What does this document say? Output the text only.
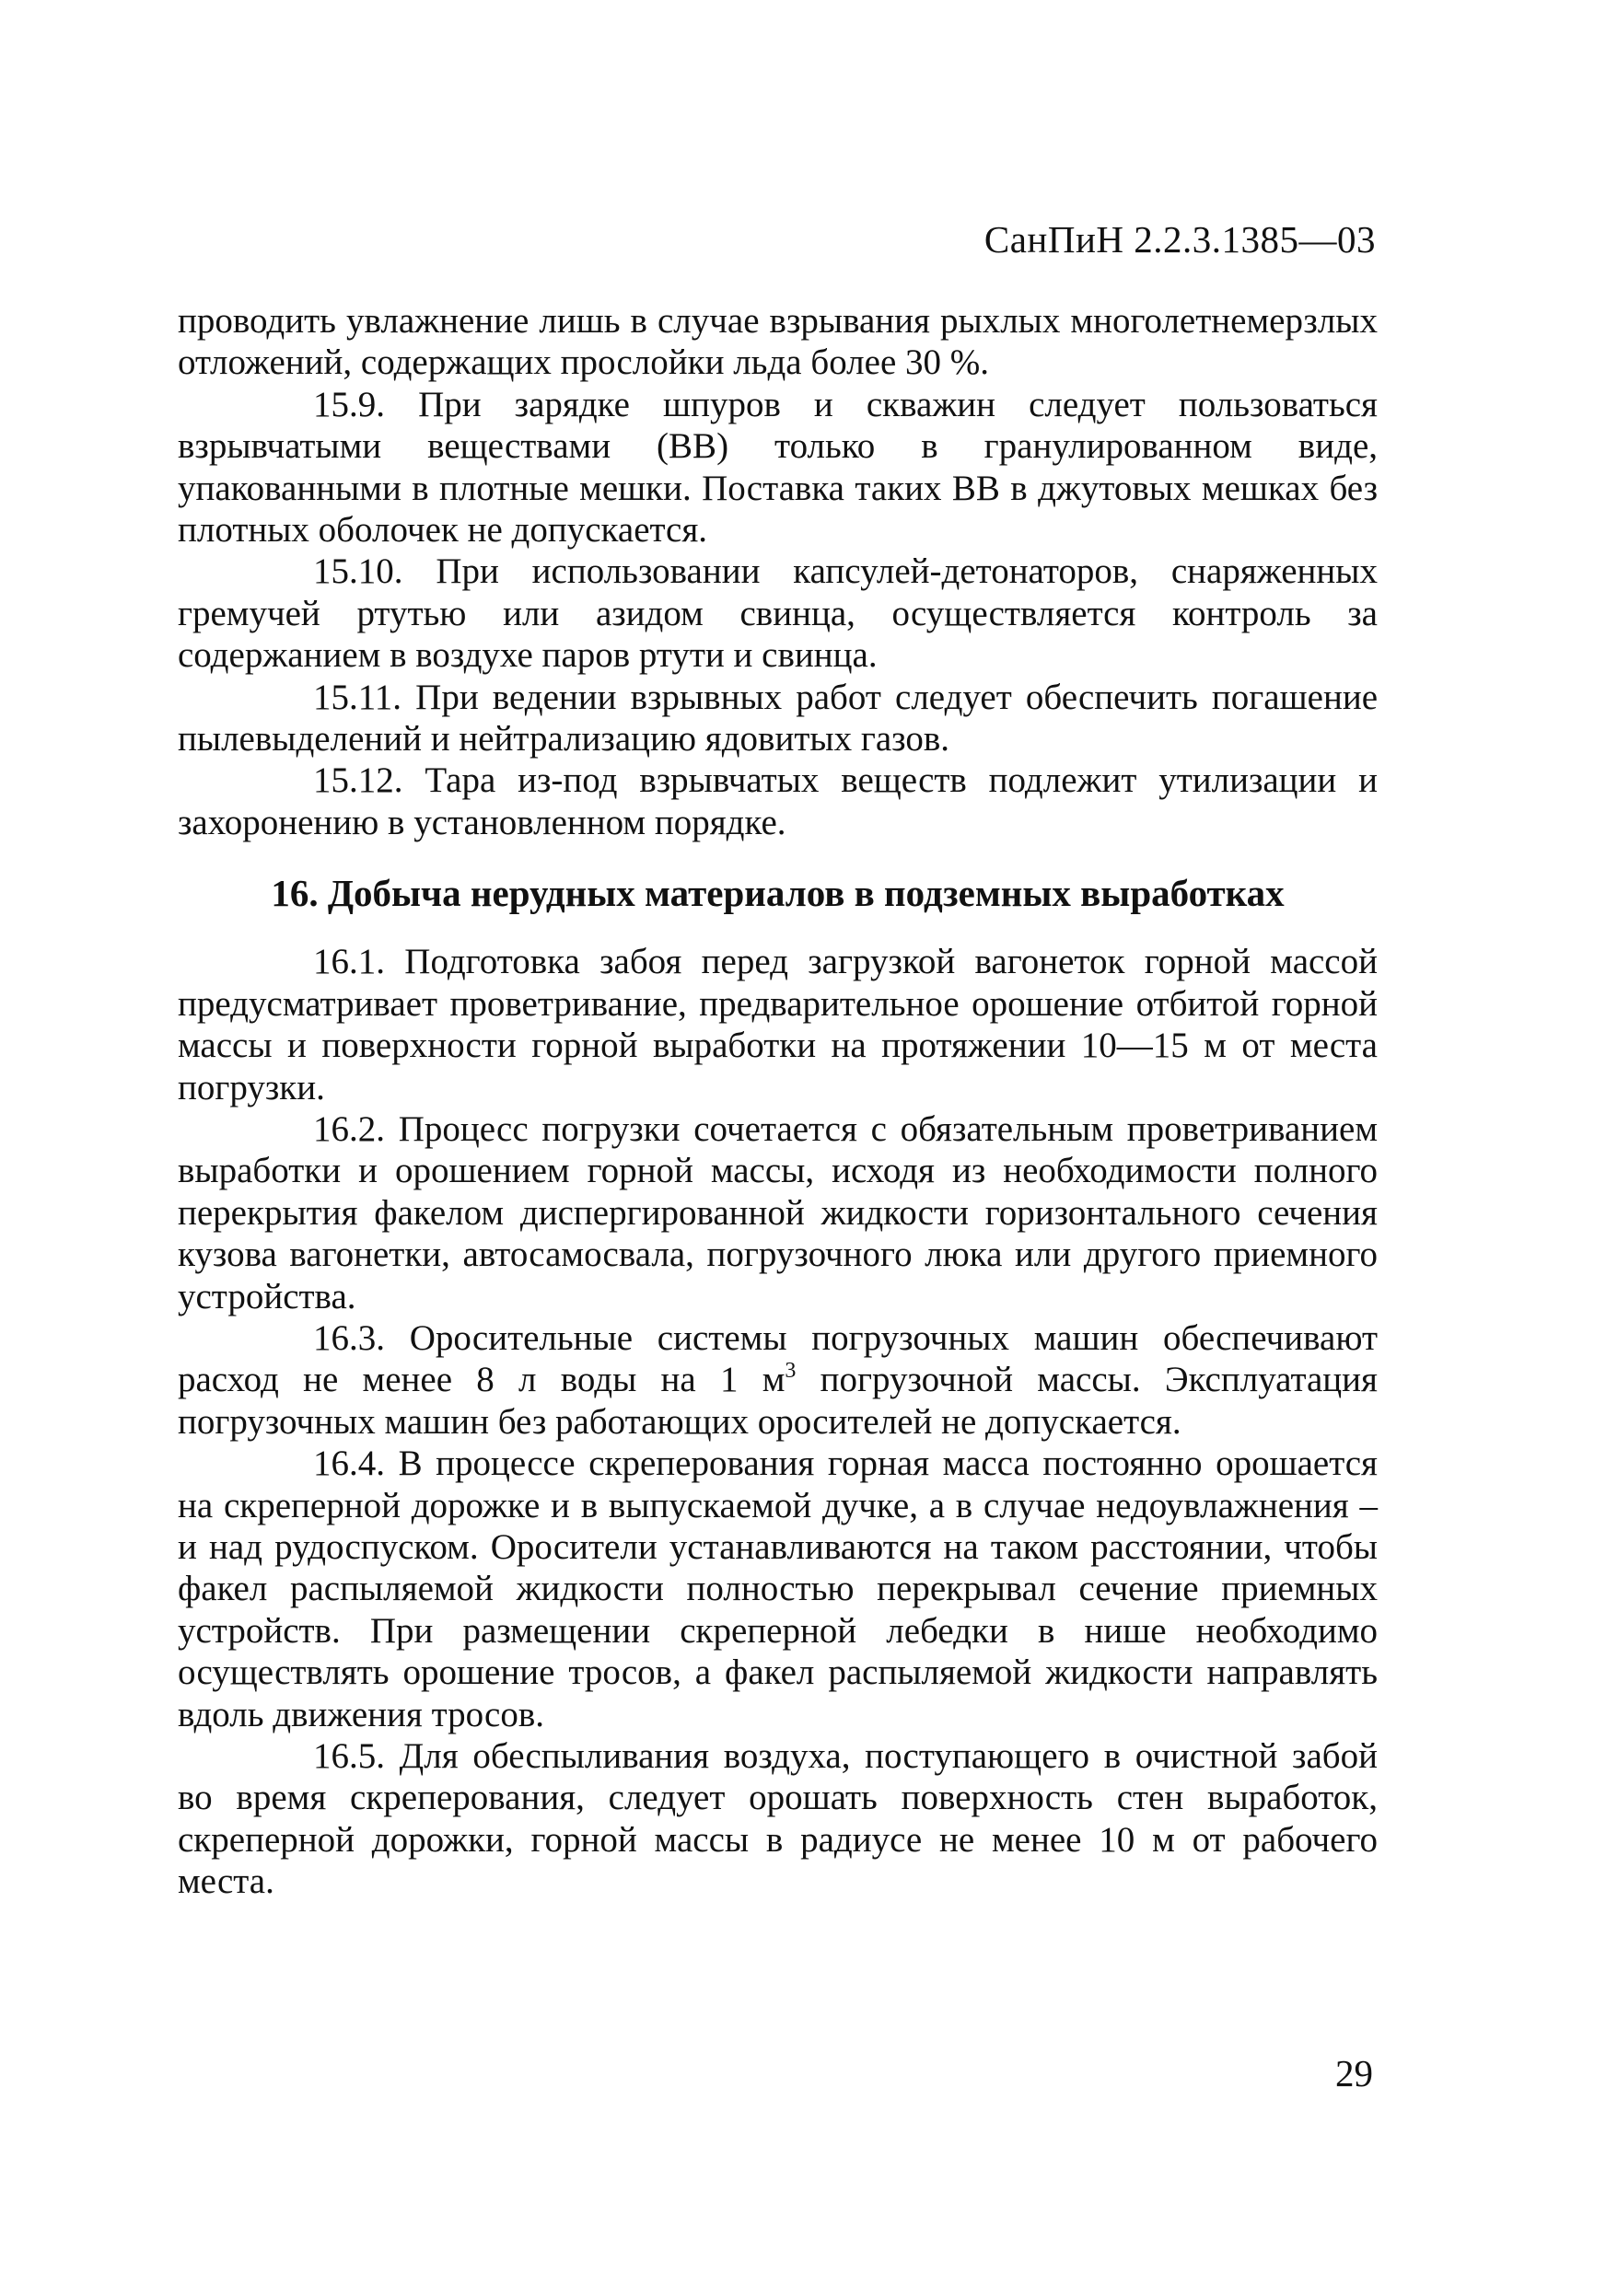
СанПиН 2.2.3.1385—03

проводить увлажнение лишь в случае взрывания рыхлых многолетнемерзлых отложений, содержащих прослойки льда более 30 %.

15.9. При зарядке шпуров и скважин следует пользоваться взрывчатыми веществами (ВВ) только в гранулированном виде, упакованными в плотные мешки. Поставка таких ВВ в джутовых мешках без плотных оболочек не допускается.

15.10. При использовании капсулей-детонаторов, снаряженных гремучей ртутью или азидом свинца, осуществляется контроль за содержанием в воздухе паров ртути и свинца.

15.11. При ведении взрывных работ следует обеспечить погашение пылевыделений и нейтрализацию ядовитых газов.

15.12. Тара из-под взрывчатых веществ подлежит утилизации и захоронению в установленном порядке.

16. Добыча нерудных материалов в подземных выработках

16.1. Подготовка забоя перед загрузкой вагонеток горной массой предусматривает проветривание, предварительное орошение отбитой горной массы и поверхности горной выработки на протяжении 10—15 м от места погрузки.

16.2. Процесс погрузки сочетается с обязательным проветриванием выработки и орошением горной массы, исходя из необходимости полного перекрытия факелом диспергированной жидкости горизонтального сечения кузова вагонетки, автосамосвала, погрузочного люка или другого приемного устройства.

16.3. Оросительные системы погрузочных машин обеспечивают расход не менее 8 л воды на 1 $м^3$ погрузочной массы. Эксплуатация погрузочных машин без работающих оросителей не допускается.

16.4. В процессе скреперования горная масса постоянно орошается на скреперной дорожке и в выпускаемой дучке, а в случае недоувлажнения – и над рудоспуском. Оросители устанавливаются на таком расстоянии, чтобы факел распыляемой жидкости полностью перекрывал сечение приемных устройств. При размещении скреперной лебедки в нише необходимо осуществлять орошение тросов, а факел распыляемой жидкости направлять вдоль движения тросов.

16.5. Для обеспыливания воздуха, поступающего в очистной забой во время скреперования, следует орошать поверхность стен выработок, скреперной дорожки, горной массы в радиусе не менее 10 м от рабочего места.

29
